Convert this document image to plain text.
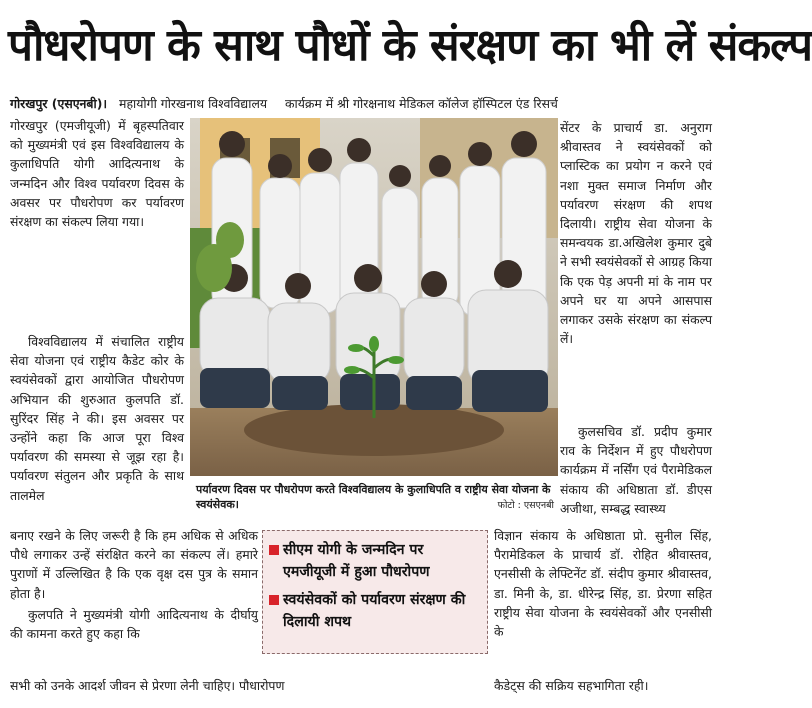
पौधरोपण के साथ पौधों के संरक्षण का भी लें संकल्प
गोरखपुर (एसएनबी)। महायोगी गोरखनाथ विश्वविद्यालय कार्यक्रम में श्री गोरक्षनाथ मेडिकल कॉलेज हॉस्पिटल एंड रिसर्च

गोरखपुर (एमजीयूजी) में बृहस्पतिवार को मुख्यमंत्री एवं इस विश्वविद्यालय के कुलाधिपति योगी आदित्यनाथ के जन्मदिन और विश्व पर्यावरण दिवस के अवसर पर पौधरोपण कर पर्यावरण संरक्षण का संकल्प लिया गया।

विश्वविद्यालय में संचालित राष्ट्रीय सेवा योजना एवं राष्ट्रीय कैडेट कोर के स्वयंसेवकों द्वारा आयोजित पौधरोपण अभियान की शुरुआत कुलपति डॉ. सुरिंदर सिंह ने की। इस अवसर पर उन्होंने कहा कि आज पूरा विश्व पर्यावरण की समस्या से जूझ रहा है। पर्यावरण संतुलन और प्रकृति के साथ तालमेल	पर्यावरण दिवस पर पौधरोपण करते विश्वविद्यालय के कुलाधिपति व राष्ट्रीय सेवा योजना के स्वयंसेवक।	फोटो : एसएनबी

सेंटर के प्राचार्य डा. अनुराग श्रीवास्तव ने स्वयंसेवकों को प्लास्टिक का प्रयोग न करने एवं नशा मुक्त समाज निर्माण और पर्यावरण संरक्षण की शपथ दिलायी। राष्ट्रीय सेवा योजना के समन्वयक डा.अखिलेश कुमार दुबे ने सभी स्वयंसेवकों से आग्रह किया कि एक पेड़ अपनी मां के नाम पर अपने घर या अपने आसपास लगाकर उसके संरक्षण का संकल्प लें।

कुलसचिव डॉ. प्रदीप कुमार राव के निर्देशन में हुए पौधरोपण कार्यक्रम में नर्सिंग एवं पैरामेडिकल संकाय की अधिष्ठाता डॉ. डीएस अजीथा, सम्बद्ध स्वास्थ्य

बनाए रखने के लिए जरूरी है कि हम अधिक से अधिक पौधे लगाकर उन्हें संरक्षित करने का संकल्प लें। हमारे पुराणों में उल्लिखित है कि एक वृक्ष दस पुत्र के समान होता है।

कुलपति ने मुख्यमंत्री योगी आदित्यनाथ के दीर्घायु की कामना करते हुए कहा कि

सीएम योगी के जन्मदिन पर एमजीयूजी में हुआ पौधरोपण
स्वयंसेवकों को पर्यावरण संरक्षण की दिलायी शपथ

विज्ञान संकाय के अधिष्ठाता प्रो. सुनील सिंह, पैरामेडिकल के प्राचार्य डॉ. रोहित श्रीवास्तव, एनसीसी के लेफ्टिनेंट डॉ. संदीप कुमार श्रीवास्तव, डा. मिनी के, डा. धीरेन्द्र सिंह, डा. प्रेरणा सहित राष्ट्रीय सेवा योजना के स्वयंसेवकों और एनसीसी के

सभी को उनके आदर्श जीवन से प्रेरणा लेनी चाहिए। पौधारोपण	कैडेट्स की सक्रिय सहभागिता रही।
